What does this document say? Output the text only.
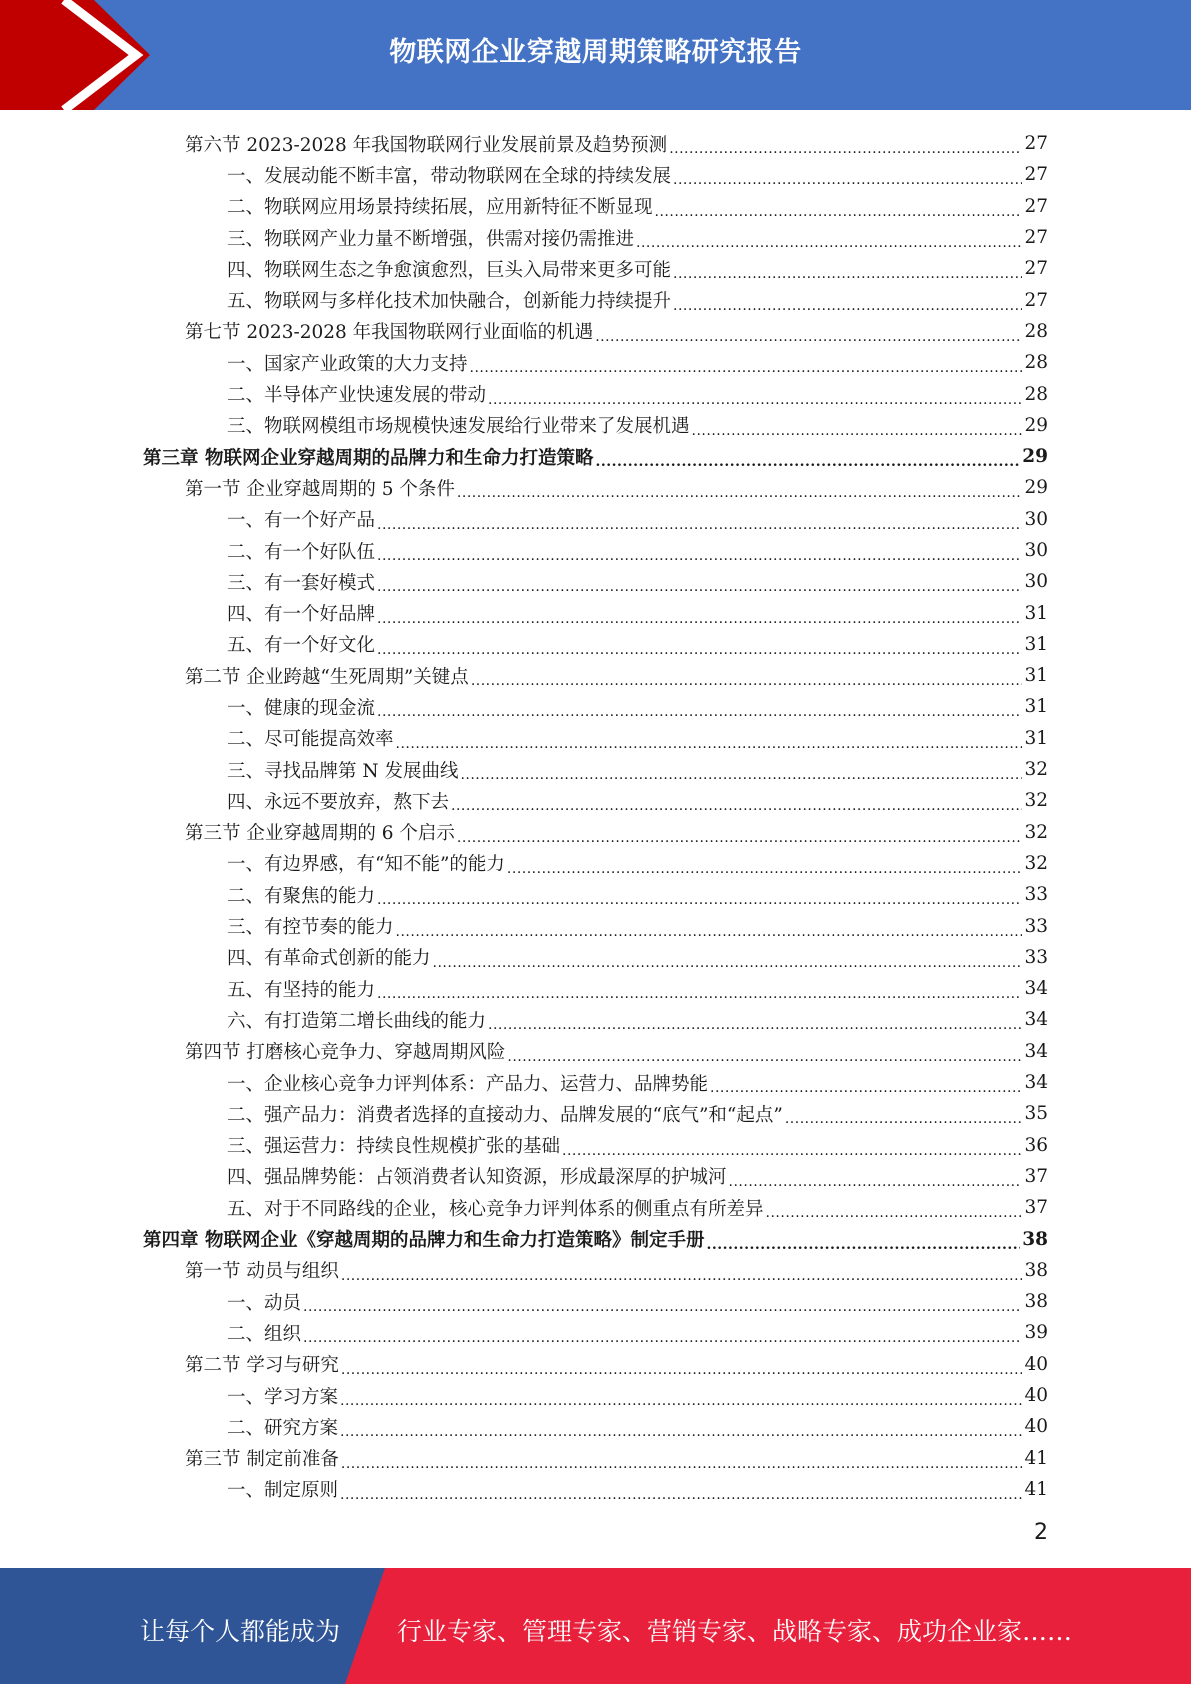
物联网企业穿越周期策略研究报告
第六节 2023-2028 年我国物联网行业发展前景及趋势预测 .....	27
一、发展动能不断丰富，带动物联网在全球的持续发展 .....	27
二、物联网应用场景持续拓展，应用新特征不断显现 .....	27
三、物联网产业力量不断增强，供需对接仍需推进 .....	27
四、物联网生态之争愈演愈烈，巨头入局带来更多可能 .....	27
五、物联网与多样化技术加快融合，创新能力持续提升 .....	27
第七节 2023-2028 年我国物联网行业面临的机遇 .....	28
一、国家产业政策的大力支持 .....	28
二、半导体产业快速发展的带动 .....	28
三、物联网模组市场规模快速发展给行业带来了发展机遇 .....	29
第三章 物联网企业穿越周期的品牌力和生命力打造策略 .....	29
第一节 企业穿越周期的 5 个条件 .....	29
一、有一个好产品 .....	30
二、有一个好队伍 .....	30
三、有一套好模式 .....	30
四、有一个好品牌 .....	31
五、有一个好文化 .....	31
第二节 企业跨越“生死周期”关键点 .....	31
一、健康的现金流 .....	31
二、尽可能提高效率 .....	31
三、寻找品牌第 N 发展曲线 .....	32
四、永远不要放弃，熬下去 .....	32
第三节 企业穿越周期的 6 个启示 .....	32
一、有边界感，有“知不能”的能力 .....	32
二、有聚焦的能力 .....	33
三、有控节奏的能力 .....	33
四、有革命式创新的能力 .....	33
五、有坚持的能力 .....	34
六、有打造第二增长曲线的能力 .....	34
第四节 打磨核心竞争力、穿越周期风险 .....	34
一、企业核心竞争力评判体系：产品力、运营力、品牌势能 .....	34
二、强产品力：消费者选择的直接动力、品牌发展的“底气”和“起点” .....	35
三、强运营力：持续良性规模扩张的基础 .....	36
四、强品牌势能：占领消费者认知资源，形成最深厚的护城河 .....	37
五、对于不同路线的企业，核心竞争力评判体系的侧重点有所差异 .....	37
第四章 物联网企业《穿越周期的品牌力和生命力打造策略》制定手册 .....	38
第一节 动员与组织 .....	38
一、动员 .....	38
二、组织 .....	39
第二节 学习与研究 .....	40
一、学习方案 .....	40
二、研究方案 .....	40
第三节 制定前准备 .....	41
一、制定原则 .....	41
2
让每个人都能成为 行业专家、管理专家、营销专家、战略专家、成功企业家……
